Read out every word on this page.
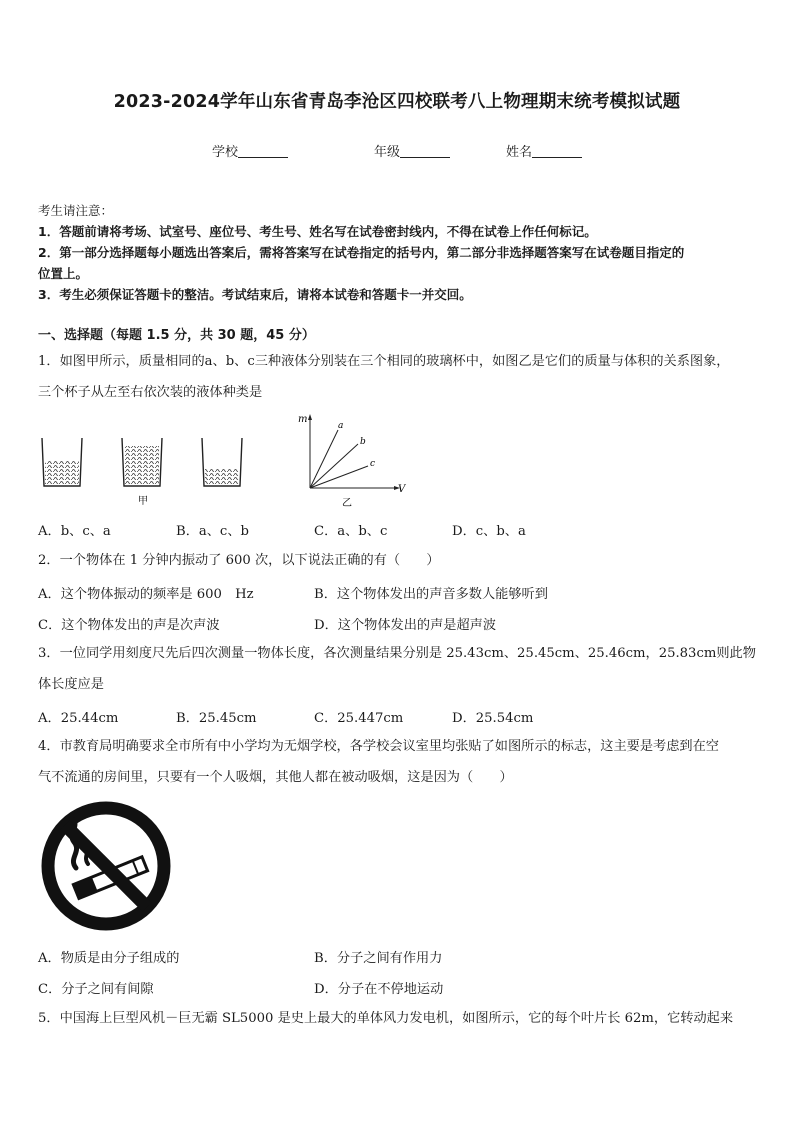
2023-2024学年山东省青岛李沧区四校联考八上物理期末统考模拟试题
学校	年级	姓名
考生请注意：
1．答题前请将考场、试室号、座位号、考生号、姓名写在试卷密封线内，不得在试卷上作任何标记。
2．第一部分选择题每小题选出答案后，需将答案写在试卷指定的括号内，第二部分非选择题答案写在试卷题目指定的
位置上。
3．考生必须保证答题卡的整洁。考试结束后，请将本试卷和答题卡一并交回。
一、选择题（每题 1.5 分，共 30 题，45 分）
1．如图甲所示，质量相同的a、b、c三种液体分别装在三个相同的玻璃杯中，如图乙是它们的质量与体积的关系图象，
三个杯子从左至右依次装的液体种类是
甲
m
V
a
b
c
乙
A．b、c、a	B．a、c、b	C．a、b、c	D．c、b、a
2．一个物体在 1 分钟内振动了 600 次，以下说法正确的有（　　）
A．这个物体振动的频率是 600　Hz	B．这个物体发出的声音多数人能够听到
C．这个物体发出的声是次声波	D．这个物体发出的声是超声波
3．一位同学用刻度尺先后四次测量一物体长度，各次测量结果分别是 25.43cm、25.45cm、25.46cm，25.83cm则此物
体长度应是
A．25.44cm	B．25.45cm	C．25.447cm	D．25.54cm
4．市教育局明确要求全市所有中小学均为无烟学校，各学校会议室里均张贴了如图所示的标志，这主要是考虑到在空
气不流通的房间里，只要有一个人吸烟，其他人都在被动吸烟，这是因为（　　）
A．物质是由分子组成的	B．分子之间有作用力
C．分子之间有间隙	D．分子在不停地运动
5．中国海上巨型风机－巨无霸 SL5000 是史上最大的单体风力发电机，如图所示，它的每个叶片长 62m，它转动起来
